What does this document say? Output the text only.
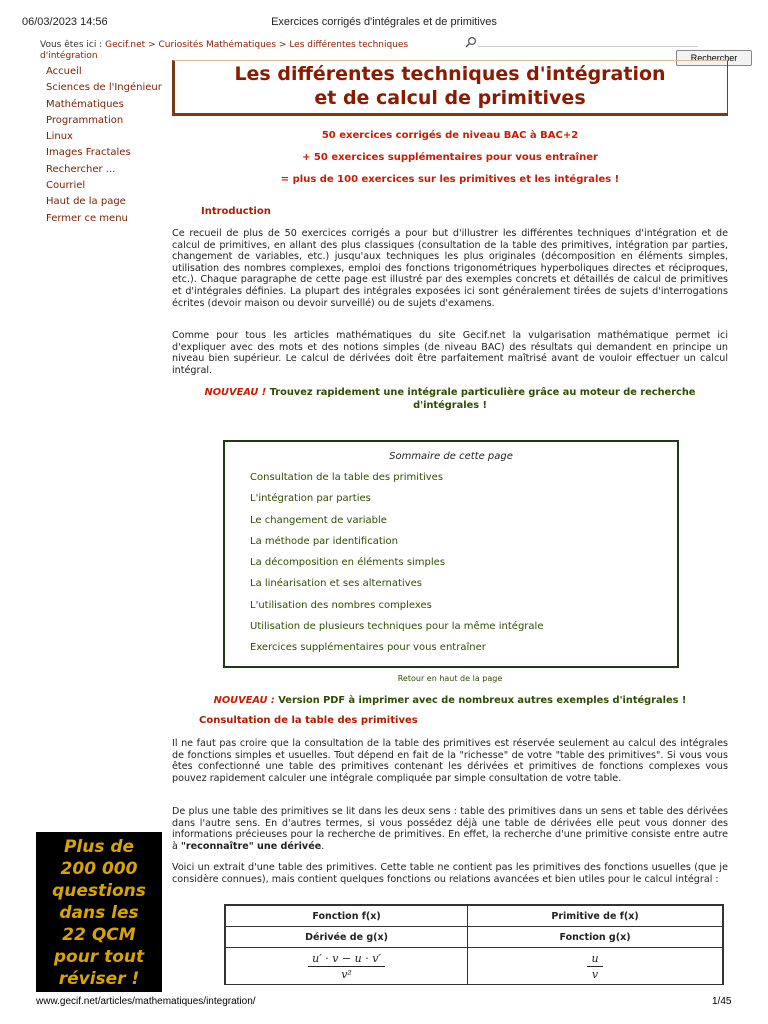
06/03/2023 14:56	Exercices corrigés d'intégrales et de primitives
Vous êtes ici : Gecif.net > Curiosités Mathématiques > Les différentes techniques d'intégration	Rechercher
Accueil
Sciences de l'Ingénieur
Mathématiques
Programmation
Linux
Images Fractales
Rechercher ...
Courriel
Haut de la page
Fermer ce menu
Les différentes techniques d'intégration
et de calcul de primitives
50 exercices corrigés de niveau BAC à BAC+2
+ 50 exercices supplémentaires pour vous entraîner
= plus de 100 exercices sur les primitives et les intégrales !
Introduction
Ce recueil de plus de 50 exercices corrigés a pour but d'illustrer les différentes techniques d'intégration et de calcul de primitives, en allant des plus classiques (consultation de la table des primitives, intégration par parties, changement de variables, etc.) jusqu'aux techniques les plus originales (décomposition en éléments simples, utilisation des nombres complexes, emploi des fonctions trigonométriques hyperboliques directes et réciproques, etc.). Chaque paragraphe de cette page est illustré par des exemples concrets et détaillés de calcul de primitives et d'intégrales définies. La plupart des intégrales exposées ici sont généralement tirées de sujets d'interrogations écrites (devoir maison ou devoir surveillé) ou de sujets d'examens.
Comme pour tous les articles mathématiques du site Gecif.net la vulgarisation mathématique permet ici d'expliquer avec des mots et des notions simples (de niveau BAC) des résultats qui demandent en principe un niveau bien supérieur. Le calcul de dérivées doit être parfaitement maîtrisé avant de vouloir effectuer un calcul intégral.
NOUVEAU ! Trouvez rapidement une intégrale particulière grâce au moteur de recherche d'intégrales !
Sommaire de cette page
Consultation de la table des primitives
L'intégration par parties
Le changement de variable
La méthode par identification
La décomposition en éléments simples
La linéarisation et ses alternatives
L'utilisation des nombres complexes
Utilisation de plusieurs techniques pour la même intégrale
Exercices supplémentaires pour vous entraîner
Retour en haut de la page
NOUVEAU : Version PDF à imprimer avec de nombreux autres exemples d'intégrales !
Consultation de la table des primitives
Il ne faut pas croire que la consultation de la table des primitives est réservée seulement au calcul des intégrales de fonctions simples et usuelles. Tout dépend en fait de la "richesse" de votre "table des primitives". Si vous vous êtes confectionné une table des primitives contenant les dérivées et primitives de fonctions complexes vous pouvez rapidement calculer une intégrale compliquée par simple consultation de votre table.
De plus une table des primitives se lit dans les deux sens : table des primitives dans un sens et table des dérivées dans l'autre sens. En d'autres termes, si vous possédez déjà une table de dérivées elle peut vous donner des informations précieuses pour la recherche de primitives. En effet, la recherche d'une primitive consiste entre autre à "reconnaître" une dérivée.
Voici un extrait d'une table des primitives. Cette table ne contient pas les primitives des fonctions usuelles (que je considère connues), mais contient quelques fonctions ou relations avancées et bien utiles pour le calcul intégral :
Fonction f(x)	Primitive de f(x)
Dérivée de g(x)	Fonction g(x)

$\frac{u' \cdot v - u \cdot v'}{\text{v²}}$	$\frac{u}{v}$
Plus de
200 000
questions
dans les
22 QCM
pour tout
réviser !
www.gecif.net/articles/mathematiques/integration/	1/45
